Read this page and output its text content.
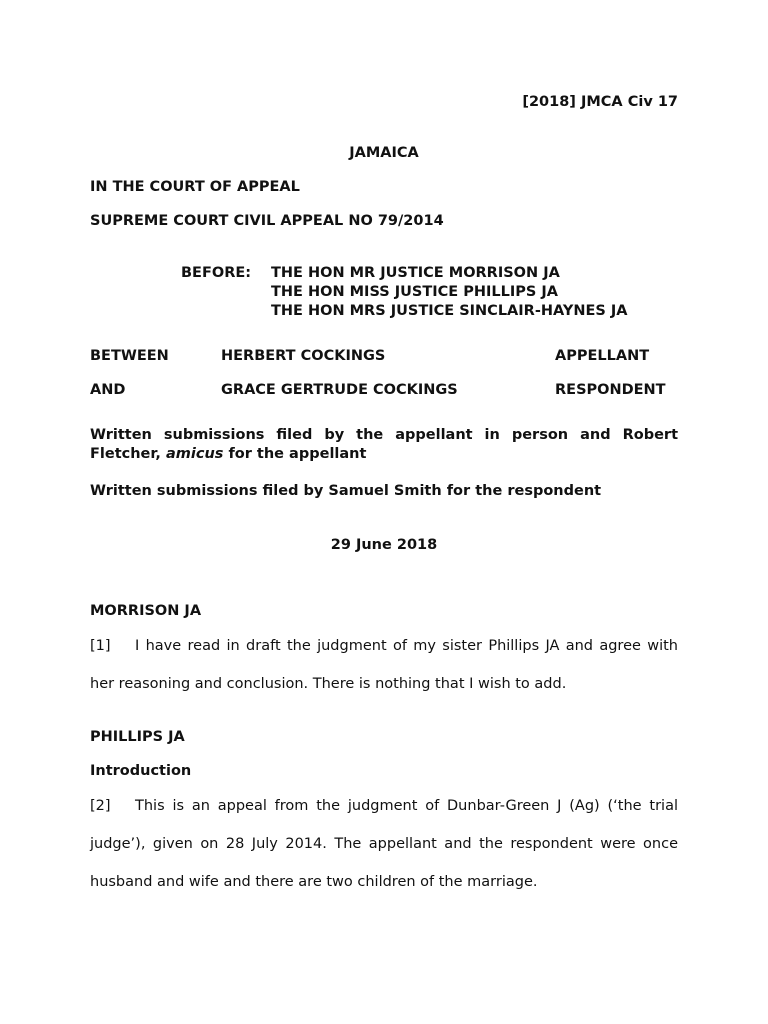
[2018] JMCA Civ 17
JAMAICA
IN THE COURT OF APPEAL
SUPREME COURT CIVIL APPEAL NO 79/2014
BEFORE: THE HON MR JUSTICE MORRISON JA
THE HON MISS JUSTICE PHILLIPS JA
THE HON MRS JUSTICE SINCLAIR-HAYNES JA
BETWEEN	HERBERT COCKINGS	APPELLANT
AND	GRACE GERTRUDE COCKINGS	RESPONDENT
Written submissions filed by the appellant in person and Robert Fletcher, amicus for the appellant
Written submissions filed by Samuel Smith for the respondent
29 June 2018
MORRISON JA
[1] I have read in draft the judgment of my sister Phillips JA and agree with her reasoning and conclusion. There is nothing that I wish to add.
PHILLIPS JA
Introduction
[2] This is an appeal from the judgment of Dunbar-Green J (Ag) (‘the trial judge’), given on 28 July 2014. The appellant and the respondent were once husband and wife and there are two children of the marriage.
